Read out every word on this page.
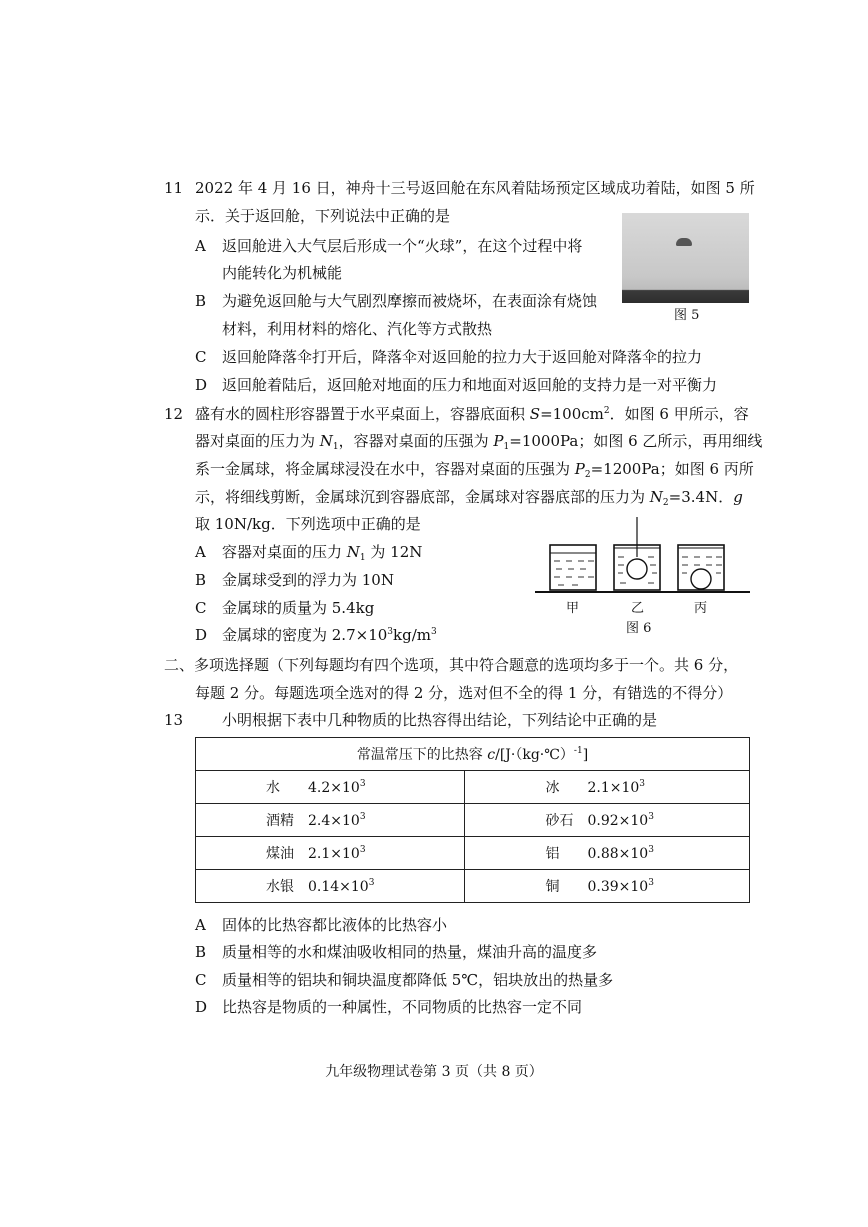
11 2022 年 4 月 16 日，神舟十三号返回舱在东风着陆场预定区域成功着陆，如图 5 所
示．关于返回舱，下列说法中正确的是
A 返回舱进入大气层后形成一个“火球”，在这个过程中将
内能转化为机械能
B 为避免返回舱与大气剧烈摩擦而被烧坏，在表面涂有烧蚀
材料，利用材料的熔化、汽化等方式散热
C 返回舱降落伞打开后，降落伞对返回舱的拉力大于返回舱对降落伞的拉力
D 返回舱着陆后，返回舱对地面的压力和地面对返回舱的支持力是一对平衡力
图 5
12 盛有水的圆柱形容器置于水平桌面上，容器底面积 $S=100cm^2$．如图 6 甲所示，容
器对桌面的压力为 $N_1$，容器对桌面的压强为 $P_1=1000Pa$；如图 6 乙所示，再用细线
系一金属球，将金属球浸没在水中，容器对桌面的压强为 $P_2=1200Pa$；如图 6 丙所
示，将细线剪断，金属球沉到容器底部，金属球对容器底部的压力为 $N_2=3.4N$．g
取 10N/kg．下列选项中正确的是
A 容器对桌面的压力 $N_1$ 为 12N
B 金属球受到的浮力为 10N
C 金属球的质量为 5.4kg
D 金属球的密度为 $2.7\times 10^3kg/m^3$
甲	乙	丙
图 6
二、多项选择题（下列每题均有四个选项，其中符合题意的选项均多于一个。共 6 分，
每题 2 分。每题选项全选对的得 2 分，选对但不全的得 1 分，有错选的不得分）
13	小明根据下表中几种物质的比热容得出结论，下列结论中正确的是
常温常压下的比热容 c/[J·（kg·℃）$^{-1}$]	
水 $4.2\times 10^3$	冰 $2.1\times 10^3$
酒精 $2.4\times 10^3$	砂石 $0.92\times 10^3$
煤油 $2.1\times 10^3$	铝 $0.88\times 10^3$
水银 $0.14\times 10^3$	铜 $0.39\times 10^3$
A 固体的比热容都比液体的比热容小
B 质量相等的水和煤油吸收相同的热量，煤油升高的温度多
C 质量相等的铝块和铜块温度都降低 5℃，铝块放出的热量多
D 比热容是物质的一种属性，不同物质的比热容一定不同
九年级物理试卷第 3 页（共 8 页）
